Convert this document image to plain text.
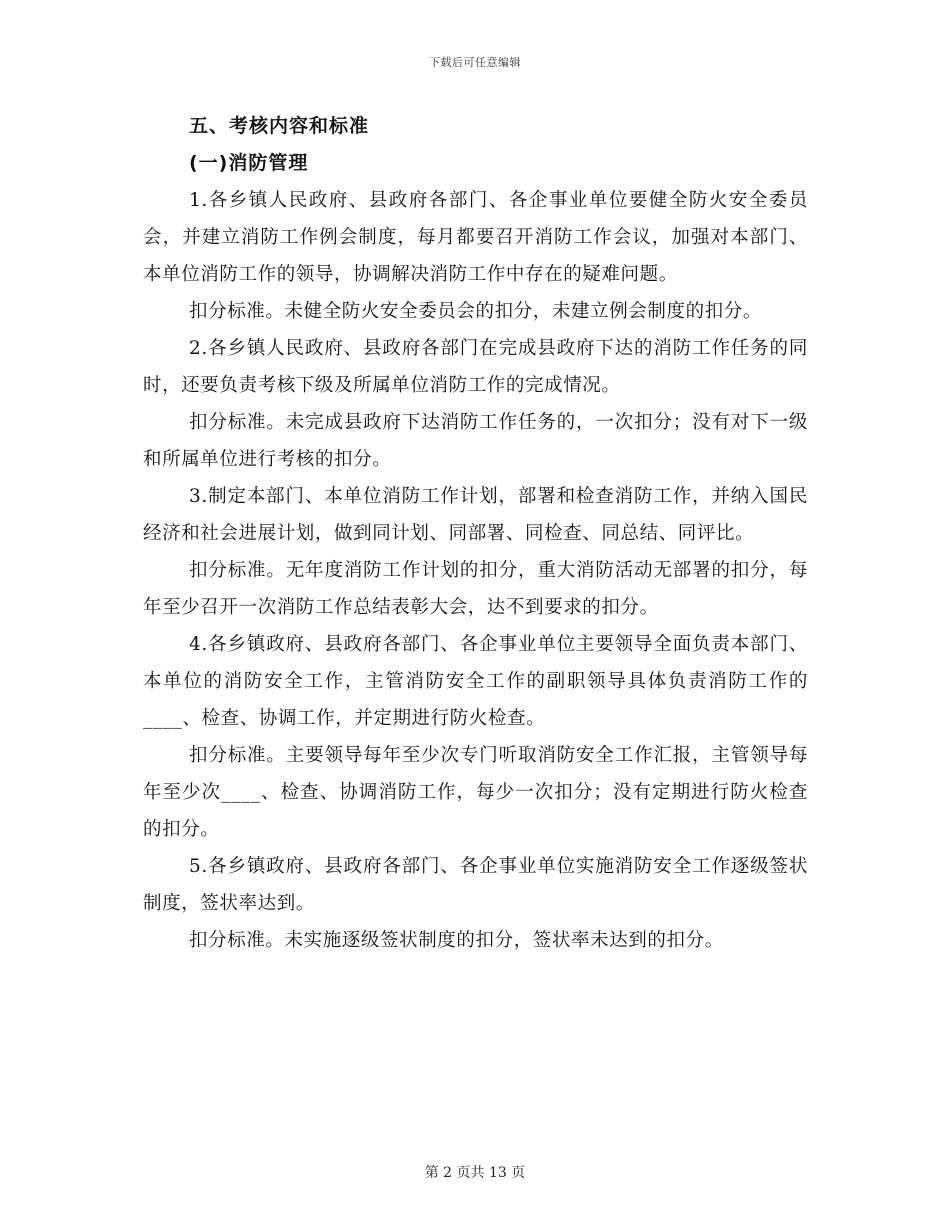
下载后可任意编辑
五、考核内容和标准
(一)消防管理

1.各乡镇人民政府、县政府各部门、各企事业单位要健全防火安全委员会，并建立消防工作例会制度，每月都要召开消防工作会议，加强对本部门、本单位消防工作的领导，协调解决消防工作中存在的疑难问题。

扣分标准。未健全防火安全委员会的扣分，未建立例会制度的扣分。

2.各乡镇人民政府、县政府各部门在完成县政府下达的消防工作任务的同时，还要负责考核下级及所属单位消防工作的完成情况。

扣分标准。未完成县政府下达消防工作任务的，一次扣分；没有对下一级和所属单位进行考核的扣分。

3.制定本部门、本单位消防工作计划，部署和检查消防工作，并纳入国民经济和社会进展计划，做到同计划、同部署、同检查、同总结、同评比。

扣分标准。无年度消防工作计划的扣分，重大消防活动无部署的扣分，每年至少召开一次消防工作总结表彰大会，达不到要求的扣分。

4.各乡镇政府、县政府各部门、各企事业单位主要领导全面负责本部门、本单位的消防安全工作，主管消防安全工作的副职领导具体负责消防工作的____、检查、协调工作，并定期进行防火检查。

扣分标准。主要领导每年至少次专门听取消防安全工作汇报，主管领导每年至少次____、检查、协调消防工作，每少一次扣分；没有定期进行防火检查的扣分。

5.各乡镇政府、县政府各部门、各企事业单位实施消防安全工作逐级签状制度，签状率达到。

扣分标准。未实施逐级签状制度的扣分，签状率未达到的扣分。

第 2 页共 13 页
